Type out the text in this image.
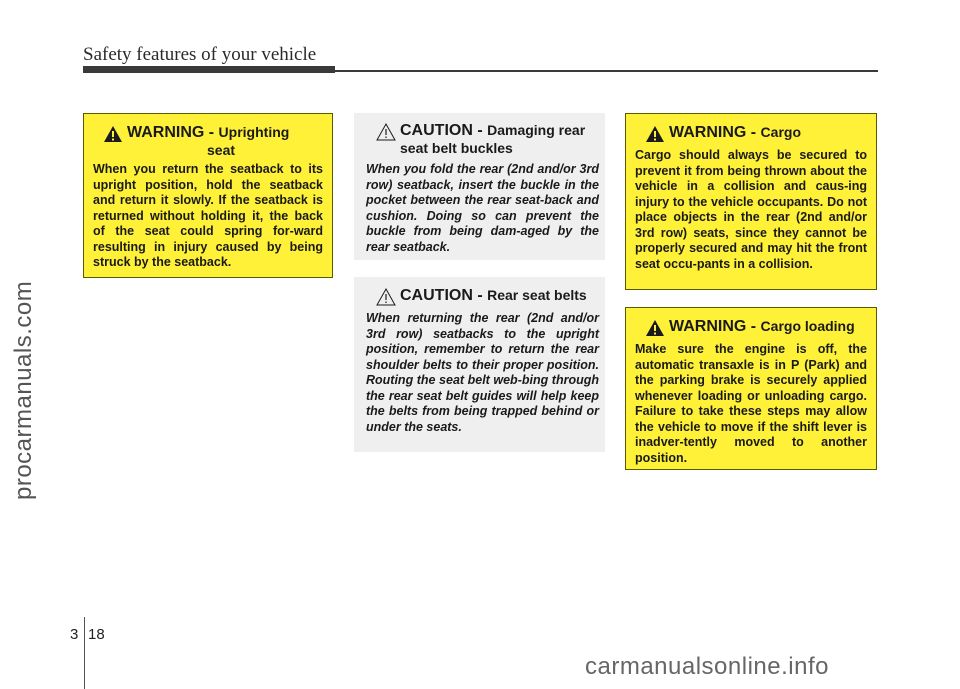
Safety features of your vehicle
procarmanuals.com
WARNING - Uprighting
seat
When you return the seatback to its upright position, hold the seatback and return it slowly. If the seatback is returned without holding it, the back of the seat could spring for-ward resulting in injury caused by being struck by the seatback.
CAUTION - Damaging rear
seat belt buckles
When you fold the rear (2nd and/or 3rd row) seatback, insert the buckle in the pocket between the rear seat-back and cushion. Doing so can prevent the buckle from being dam-aged by the rear seatback.
CAUTION - Rear seat belts
When returning the rear (2nd and/or 3rd row) seatbacks to the upright position, remember to return the rear shoulder belts to their proper position. Routing the seat belt web-bing through the rear seat belt guides will help keep the belts from being trapped behind or under the seats.
WARNING - Cargo
Cargo should always be secured to prevent it from being thrown about the vehicle in a collision and caus-ing injury to the vehicle occupants. Do not place objects in the rear (2nd and/or 3rd row) seats, since they cannot be properly secured and may hit the front seat occu-pants in a collision.
WARNING - Cargo loading
Make sure the engine is off, the automatic transaxle is in P (Park) and the parking brake is securely applied whenever loading or unloading cargo. Failure to take these steps may allow the vehicle to move if the shift lever is inadver-tently moved to another position.
3 18
carmanualsonline.info
